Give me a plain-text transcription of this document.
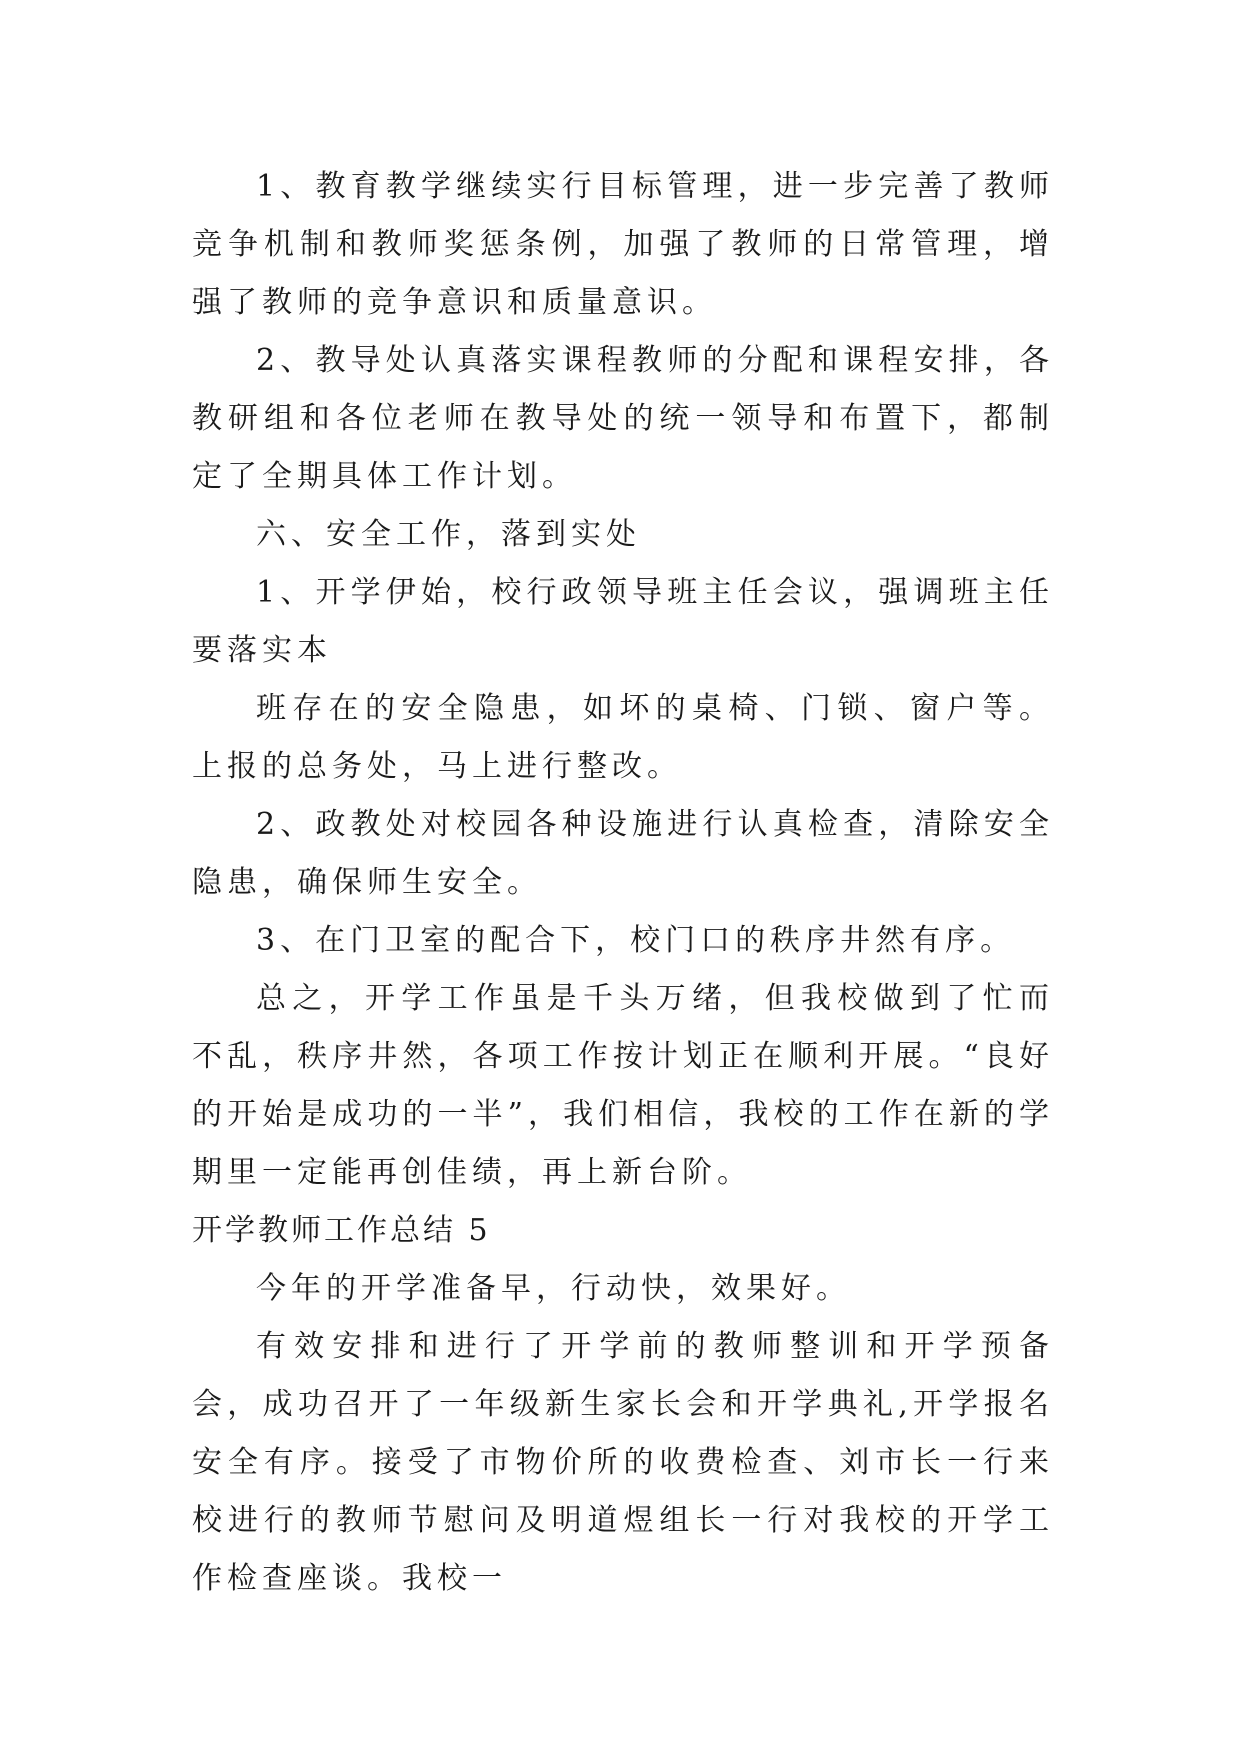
1、教育教学继续实行目标管理，进一步完善了教师竞争机制和教师奖惩条例，加强了教师的日常管理，增强了教师的竞争意识和质量意识。

2、教导处认真落实课程教师的分配和课程安排，各教研组和各位老师在教导处的统一领导和布置下，都制定了全期具体工作计划。

六、安全工作，落到实处

1、开学伊始，校行政领导班主任会议，强调班主任要落实本

班存在的安全隐患，如坏的桌椅、门锁、窗户等。上报的总务处，马上进行整改。

2、政教处对校园各种设施进行认真检查，清除安全隐患，确保师生安全。

3、在门卫室的配合下，校门口的秩序井然有序。

总之，开学工作虽是千头万绪，但我校做到了忙而不乱，秩序井然，各项工作按计划正在顺利开展。“良好的开始是成功的一半”，我们相信，我校的工作在新的学期里一定能再创佳绩，再上新台阶。

开学教师工作总结 5

今年的开学准备早，行动快，效果好。

有效安排和进行了开学前的教师整训和开学预备会，成功召开了一年级新生家长会和开学典礼,开学报名安全有序。接受了市物价所的收费检查、刘市长一行来校进行的教师节慰问及明道煜组长一行对我校的开学工作检查座谈。我校一
